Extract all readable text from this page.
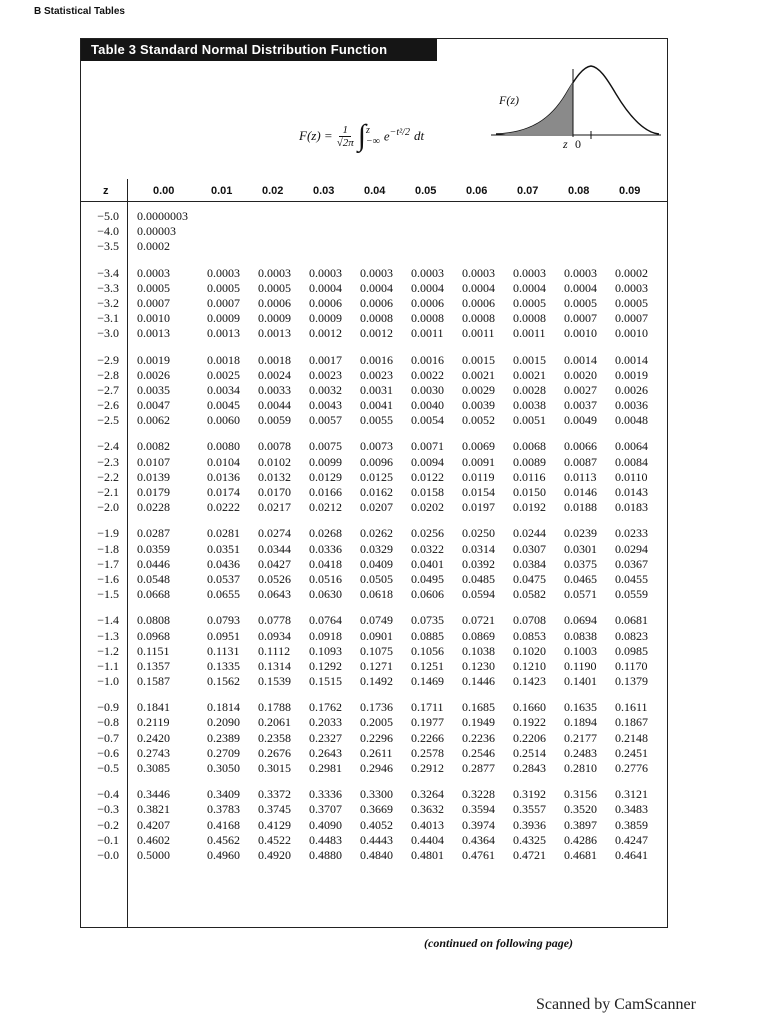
B Statistical Tables
Table 3 Standard Normal Distribution Function
$F(z) = \frac{1}{√2\pi}$ ∫ z
−∞ $e^{-t^2/2}$ dt
F(z)
z 0
z	0.00	0.01	0.02	0.03	0.04	0.05	0.06	0.07	0.08	0.09
−5.0 0.0000003
−4.0 0.00003
−3.5 0.0002
−3.4 0.0003	0.0003 0.0003 0.0003 0.0003 0.0003 0.0003 0.0003 0.0003 0.0002
−3.3 0.0005	0.0005 0.0005 0.0004 0.0004 0.0004 0.0004 0.0004 0.0004 0.0003
−3.2 0.0007	0.0007 0.0006 0.0006 0.0006 0.0006 0.0006 0.0005 0.0005 0.0005
−3.1 0.0010	0.0009 0.0009 0.0009 0.0008 0.0008 0.0008 0.0008 0.0007 0.0007
−3.0 0.0013	0.0013 0.0013 0.0012 0.0012 0.0011 0.0011 0.0011 0.0010 0.0010
−2.9 0.0019	0.0018 0.0018 0.0017 0.0016 0.0016 0.0015 0.0015 0.0014 0.0014
−2.8 0.0026	0.0025 0.0024 0.0023 0.0023 0.0022 0.0021 0.0021 0.0020 0.0019
−2.7 0.0035	0.0034 0.0033 0.0032 0.0031 0.0030 0.0029 0.0028 0.0027 0.0026
−2.6 0.0047	0.0045 0.0044 0.0043 0.0041 0.0040 0.0039 0.0038 0.0037 0.0036
−2.5 0.0062	0.0060 0.0059 0.0057 0.0055 0.0054 0.0052 0.0051 0.0049 0.0048
−2.4 0.0082	0.0080 0.0078 0.0075 0.0073 0.0071 0.0069 0.0068 0.0066 0.0064
−2.3 0.0107	0.0104 0.0102 0.0099 0.0096 0.0094 0.0091 0.0089 0.0087 0.0084
−2.2 0.0139	0.0136 0.0132 0.0129 0.0125 0.0122 0.0119 0.0116 0.0113 0.0110
−2.1 0.0179	0.0174 0.0170 0.0166 0.0162 0.0158 0.0154 0.0150 0.0146 0.0143
−2.0 0.0228	0.0222 0.0217 0.0212 0.0207 0.0202 0.0197 0.0192 0.0188 0.0183
−1.9 0.0287	0.0281 0.0274 0.0268 0.0262 0.0256 0.0250 0.0244 0.0239 0.0233
−1.8 0.0359	0.0351 0.0344 0.0336 0.0329 0.0322 0.0314 0.0307 0.0301 0.0294
−1.7 0.0446	0.0436 0.0427 0.0418 0.0409 0.0401 0.0392 0.0384 0.0375 0.0367
−1.6 0.0548	0.0537 0.0526 0.0516 0.0505 0.0495 0.0485 0.0475 0.0465 0.0455
−1.5 0.0668	0.0655 0.0643 0.0630 0.0618 0.0606 0.0594 0.0582 0.0571 0.0559
−1.4 0.0808	0.0793 0.0778 0.0764 0.0749 0.0735 0.0721 0.0708 0.0694 0.0681
−1.3 0.0968	0.0951 0.0934 0.0918 0.0901 0.0885 0.0869 0.0853 0.0838 0.0823
−1.2 0.1151	0.1131 0.1112 0.1093 0.1075 0.1056 0.1038 0.1020 0.1003 0.0985
−1.1 0.1357	0.1335 0.1314 0.1292 0.1271 0.1251 0.1230 0.1210 0.1190 0.1170
−1.0 0.1587	0.1562 0.1539 0.1515 0.1492 0.1469 0.1446 0.1423 0.1401 0.1379
−0.9 0.1841	0.1814 0.1788 0.1762 0.1736 0.1711 0.1685 0.1660 0.1635 0.1611
−0.8 0.2119	0.2090 0.2061 0.2033 0.2005 0.1977 0.1949 0.1922 0.1894 0.1867
−0.7 0.2420	0.2389 0.2358 0.2327 0.2296 0.2266 0.2236 0.2206 0.2177 0.2148
−0.6 0.2743	0.2709 0.2676 0.2643 0.2611 0.2578 0.2546 0.2514 0.2483 0.2451
−0.5 0.3085	0.3050 0.3015 0.2981 0.2946 0.2912 0.2877 0.2843 0.2810 0.2776
−0.4 0.3446	0.3409 0.3372 0.3336 0.3300 0.3264 0.3228 0.3192 0.3156 0.3121
−0.3 0.3821	0.3783 0.3745 0.3707 0.3669 0.3632 0.3594 0.3557 0.3520 0.3483
−0.2 0.4207	0.4168 0.4129 0.4090 0.4052 0.4013 0.3974 0.3936 0.3897 0.3859
−0.1 0.4602	0.4562 0.4522 0.4483 0.4443 0.4404 0.4364 0.4325 0.4286 0.4247
−0.0 0.5000	0.4960 0.4920 0.4880 0.4840 0.4801 0.4761 0.4721 0.4681 0.4641
(continued on following page)
Scanned by CamScanner
